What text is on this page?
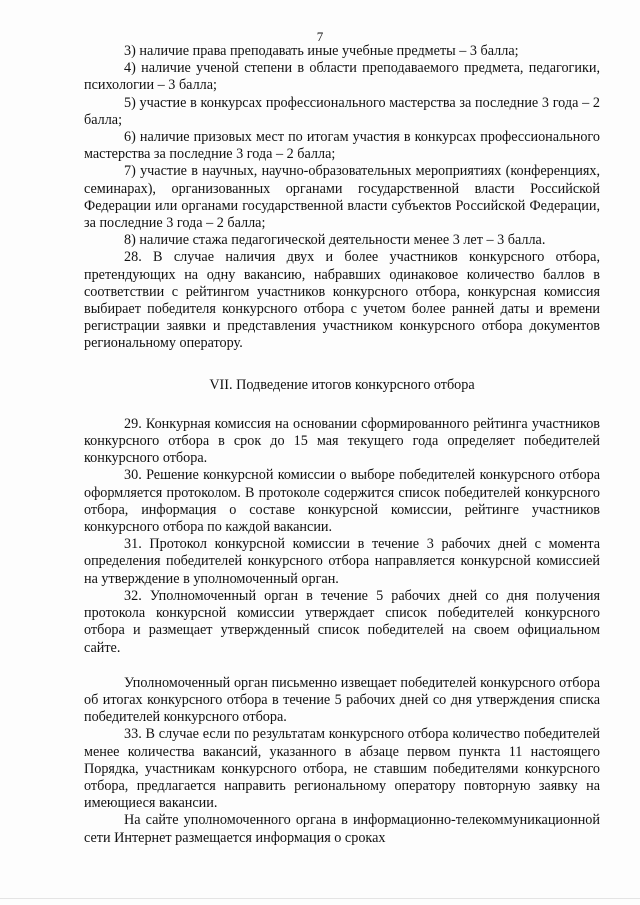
7

3) наличие права преподавать иные учебные предметы – 3 балла;

4) наличие ученой степени в области преподаваемого предмета, педагогики, психологии – 3 балла;

5) участие в конкурсах профессионального мастерства за последние 3 года – 2 балла;

6) наличие призовых мест по итогам участия в конкурсах профессионального мастерства за последние 3 года – 2 балла;

7) участие в научных, научно-образовательных мероприятиях (конференциях, семинарах), организованных органами государственной власти Российской Федерации или органами государственной власти субъектов Российской Федерации, за последние 3 года – 2 балла;

8) наличие стажа педагогической деятельности менее 3 лет – 3 балла.

28. В случае наличия двух и более участников конкурсного отбора, претендующих на одну вакансию, набравших одинаковое количество баллов в соответствии с рейтингом участников конкурсного отбора, конкурсная комиссия выбирает победителя конкурсного отбора с учетом более ранней даты и времени регистрации заявки и представления участником конкурсного отбора документов региональному оператору.

VII. Подведение итогов конкурсного отбора

29. Конкурная комиссия на основании сформированного рейтинга участников конкурсного отбора в срок до 15 мая текущего года определяет победителей конкурсного отбора.

30. Решение конкурсной комиссии о выборе победителей конкурсного отбора оформляется протоколом. В протоколе содержится список победителей конкурсного отбора, информация о составе конкурсной комиссии, рейтинге участников конкурсного отбора по каждой вакансии.

31. Протокол конкурсной комиссии в течение 3 рабочих дней с момента определения победителей конкурсного отбора направляется конкурсной комиссией на утверждение в уполномоченный орган.

32. Уполномоченный орган в течение 5 рабочих дней со дня получения протокола конкурсной комиссии утверждает список победителей конкурсного отбора и размещает утвержденный список победителей на своем официальном сайте.

Уполномоченный орган письменно извещает победителей конкурсного отбора об итогах конкурсного отбора в течение 5 рабочих дней со дня утверждения списка победителей конкурсного отбора.

33. В случае если по результатам конкурсного отбора количество победителей менее количества вакансий, указанного в абзаце первом пункта 11 настоящего Порядка, участникам конкурсного отбора, не ставшим победителями конкурсного отбора, предлагается направить региональному оператору повторную заявку на имеющиеся вакансии.

На сайте уполномоченного органа в информационно-телекоммуникационной сети Интернет размещается информация о сроках
